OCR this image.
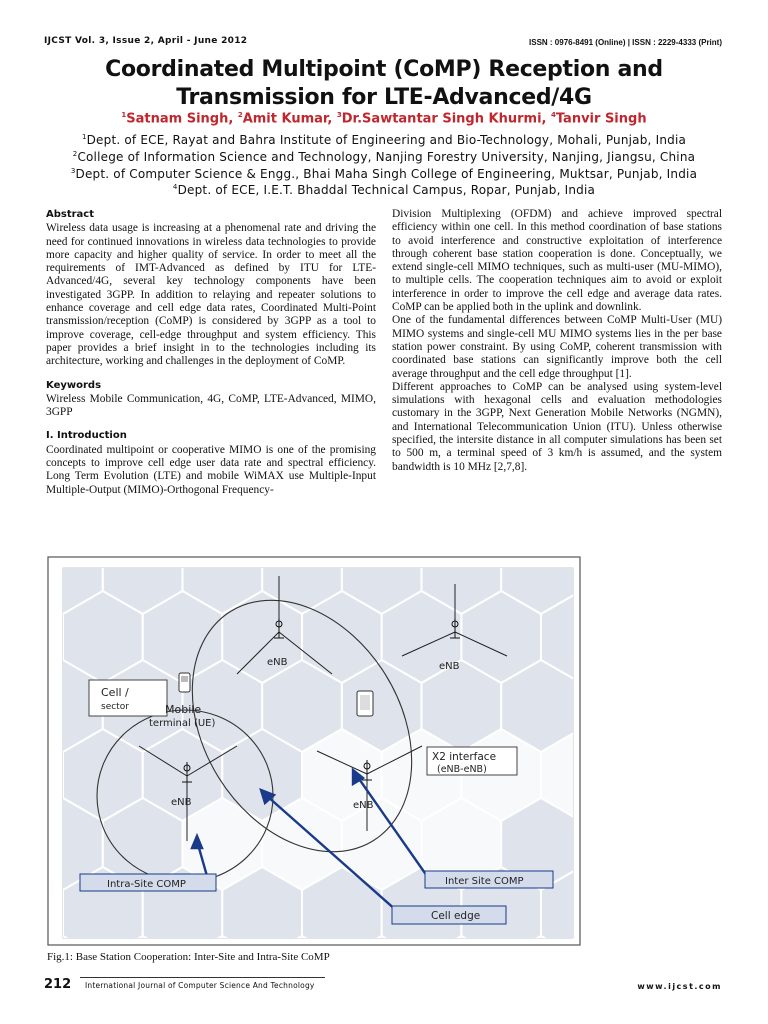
IJCST Vol. 3, Issue 2, April - June 2012	ISSN : 0976-8491 (Online) | ISSN : 2229-4333 (Print)
Coordinated Multipoint (CoMP) Reception and
Transmission for LTE-Advanced/4G
$^1$Satnam Singh, $^2$Amit Kumar, $^3$Dr.Sawtantar Singh Khurmi, $^4$Tanvir Singh
$^1$Dept. of ECE, Rayat and Bahra Institute of Engineering and Bio-Technology, Mohali, Punjab, India
$^2$College of Information Science and Technology, Nanjing Forestry University, Nanjing, Jiangsu, China
$^3$Dept. of Computer Science & Engg., Bhai Maha Singh College of Engineering, Muktsar, Punjab, India
$^4$Dept. of ECE, I.E.T. Bhaddal Technical Campus, Ropar, Punjab, India
Abstract

Wireless data usage is increasing at a phenomenal rate and driving the need for continued innovations in wireless data technologies to provide more capacity and higher quality of service. In order to meet all the requirements of IMT-Advanced as defined by ITU for LTE-Advanced/4G, several key technology components have been investigated 3GPP. In addition to relaying and repeater solutions to enhance coverage and cell edge data rates, Coordinated Multi-Point transmission/reception (CoMP) is considered by 3GPP as a tool to improve coverage, cell-edge throughput and system efficiency. This paper provides a brief insight in to the technologies including its architecture, working and challenges in the deployment of CoMP.

Keywords

Wireless Mobile Communication, 4G, CoMP, LTE-Advanced, MIMO, 3GPP

I. Introduction

Coordinated multipoint or cooperative MIMO is one of the promising concepts to improve cell edge user data rate and spectral efficiency. Long Term Evolution (LTE) and mobile WiMAX use Multiple-Input Multiple-Output (MIMO)-Orthogonal Frequency-

Division Multiplexing (OFDM) and achieve improved spectral efficiency within one cell. In this method coordination of base stations to avoid interference and constructive exploitation of interference through coherent base station cooperation is done. Conceptually, we extend single-cell MIMO techniques, such as multi-user (MU-MIMO), to multiple cells. The cooperation techniques aim to avoid or exploit interference in order to improve the cell edge and average data rates. CoMP can be applied both in the uplink and downlink.

One of the fundamental differences between CoMP Multi-User (MU) MIMO systems and single-cell MU MIMO systems lies in the per base station power constraint. By using CoMP, coherent transmission with coordinated base stations can significantly improve both the cell average throughput and the cell edge throughput [1].

Different approaches to CoMP can be analysed using system-level simulations with hexagonal cells and evaluation methodologies customary in the 3GPP, Next Generation Mobile Networks (NGMN), and International Telecommunication Union (ITU). Unless otherwise specified, the intersite distance in all computer simulations has been set to 500 m, a terminal speed of 3 km/h is assumed, and the system bandwidth is 10 MHz [2,7,8].

eNB	eNB
eNB	eNB
Cell /
sector	Mobile
terminal (UE)
X2 interface
(eNB-eNB)
Intra-Site COMP	Inter Site COMP
Cell edge
Fig.1: Base Station Cooperation: Inter-Site and Intra-Site CoMP
212 International Journal of Computer Science And Technology	www.ijcst.com
